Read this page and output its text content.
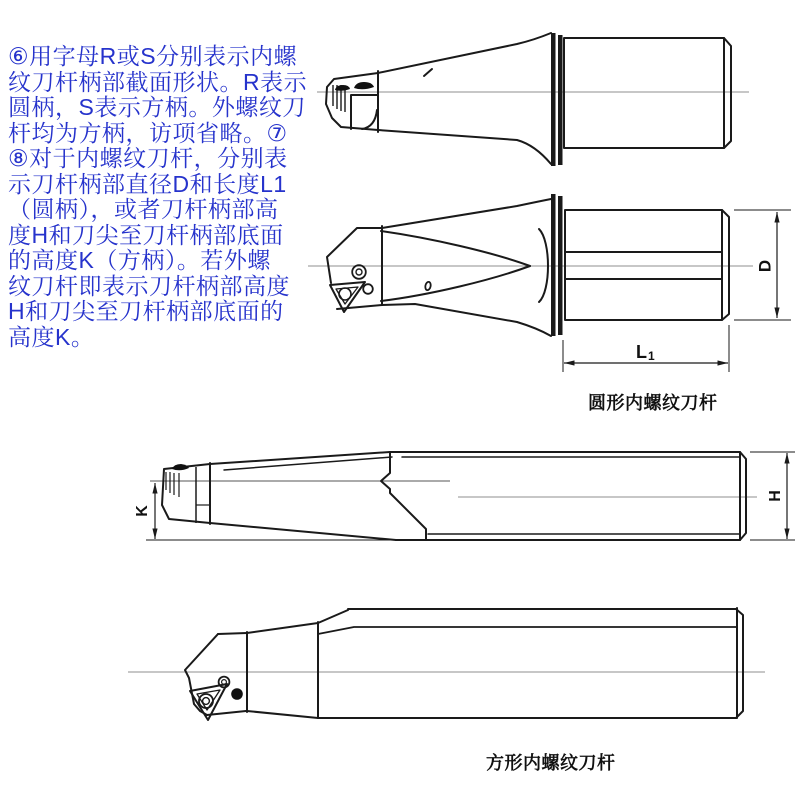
⑥用字母R或S分别表示内螺
纹刀杆柄部截面形状。R表示
圆柄，S表示方柄。外螺纹刀
杆均为方柄，访项省略。⑦
⑧对于内螺纹刀杆，分别表
示刀杆柄部直径D和长度L1
（圆柄），或者刀杆柄部高
度H和刀尖至刀杆柄部底面
的高度K（方柄）。若外螺
纹刀杆即表示刀杆柄部高度
H和刀尖至刀杆柄部底面的
高度K。
D
L 1
圆形内螺纹刀杆
K
H
方形内螺纹刀杆
